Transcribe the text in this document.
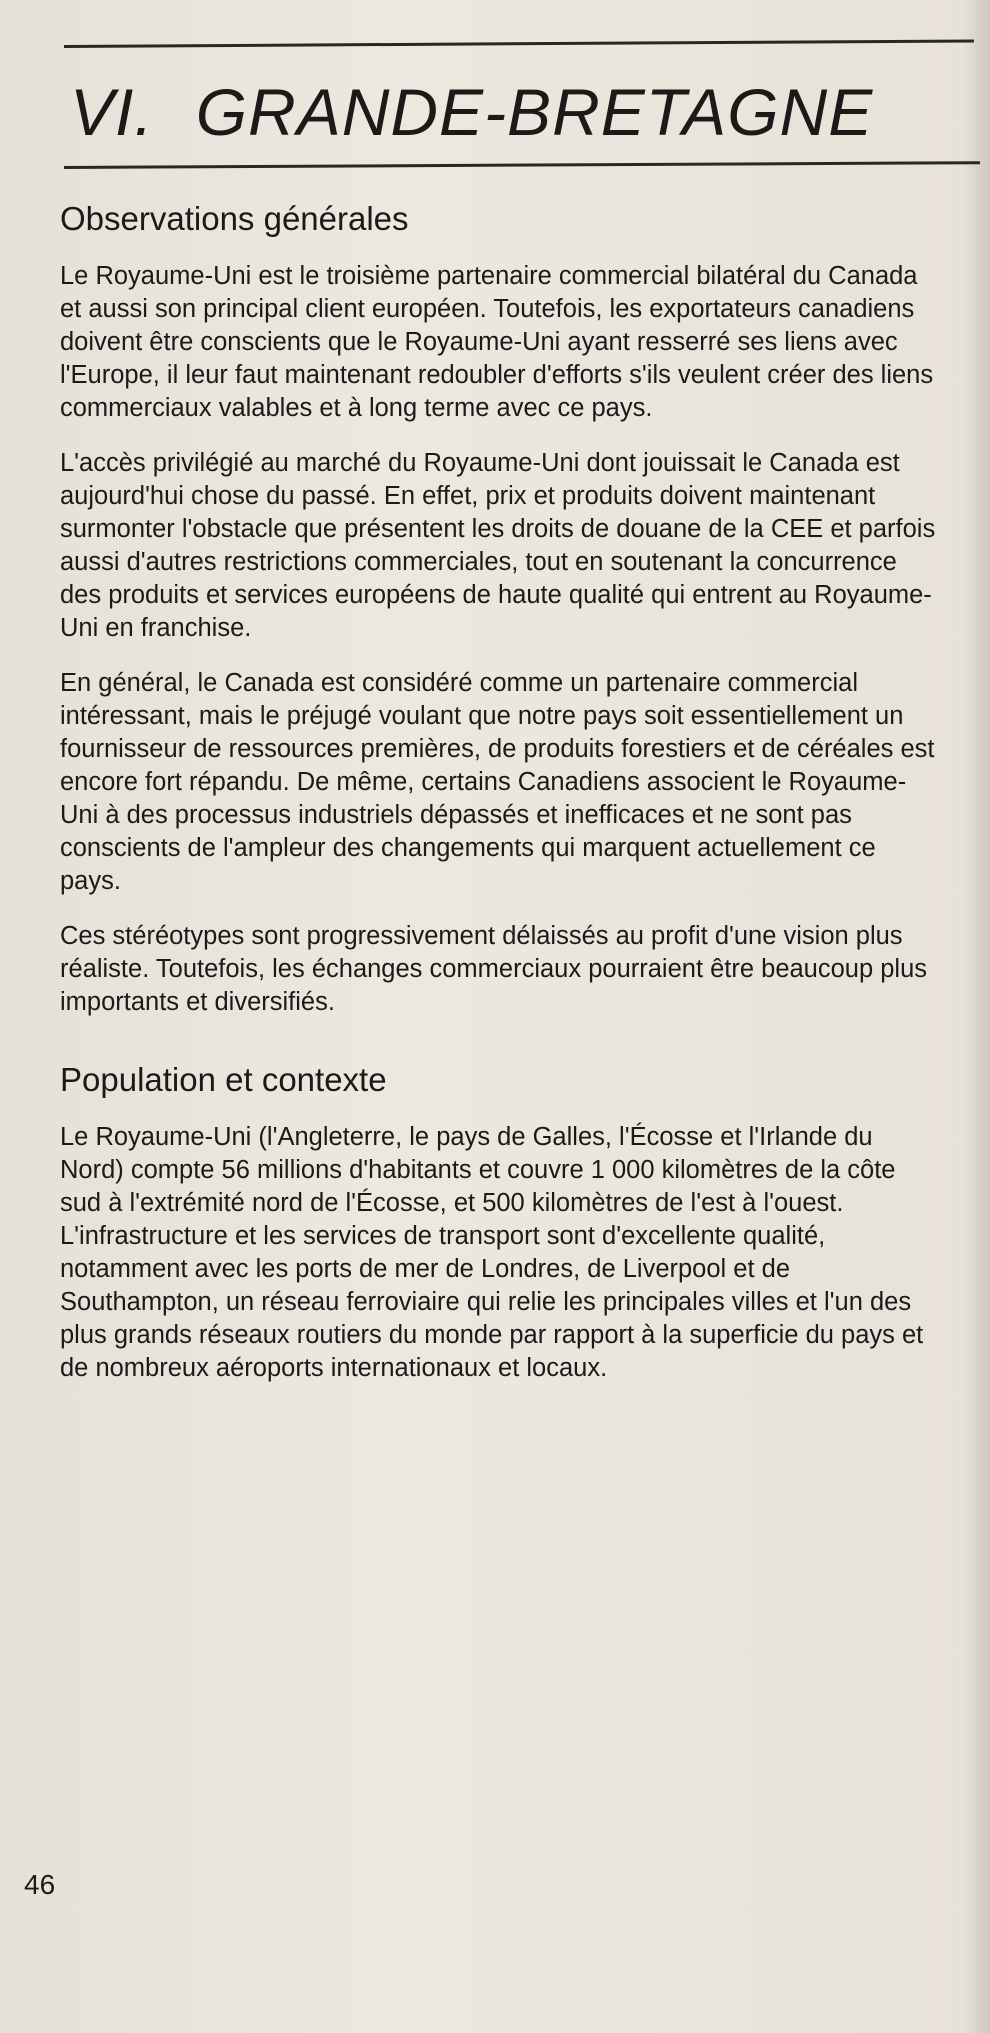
VI. GRANDE-BRETAGNE
Observations générales

Le Royaume-Uni est le troisième partenaire commercial bilatéral du Canada et aussi son principal client européen. Toutefois, les exportateurs canadiens doivent être conscients que le Royaume-Uni ayant resserré ses liens avec l'Europe, il leur faut maintenant redoubler d'efforts s'ils veulent créer des liens commerciaux valables et à long terme avec ce pays.

L'accès privilégié au marché du Royaume-Uni dont jouissait le Canada est aujourd'hui chose du passé. En effet, prix et produits doivent maintenant surmonter l'obstacle que présentent les droits de douane de la CEE et parfois aussi d'autres restrictions commerciales, tout en soutenant la concurrence des produits et services européens de haute qualité qui entrent au Royaume-Uni en franchise.

En général, le Canada est considéré comme un partenaire commercial intéressant, mais le préjugé voulant que notre pays soit essentiellement un fournisseur de ressources premières, de produits forestiers et de céréales est encore fort répandu. De même, certains Canadiens associent le Royaume-Uni à des processus industriels dépassés et inefficaces et ne sont pas conscients de l'ampleur des changements qui marquent actuellement ce pays.

Ces stéréotypes sont progressivement délaissés au profit d'une vision plus réaliste. Toutefois, les échanges commerciaux pourraient être beaucoup plus importants et diversifiés.

Population et contexte

Le Royaume-Uni (l'Angleterre, le pays de Galles, l'Écosse et l'Irlande du Nord) compte 56 millions d'habitants et couvre 1 000 kilomètres de la côte sud à l'extrémité nord de l'Écosse, et 500 kilomètres de l'est à l'ouest. L'infrastructure et les services de transport sont d'excellente qualité, notamment avec les ports de mer de Londres, de Liverpool et de Southampton, un réseau ferroviaire qui relie les principales villes et l'un des plus grands réseaux routiers du monde par rapport à la superficie du pays et de nombreux aéroports internationaux et locaux.

46
